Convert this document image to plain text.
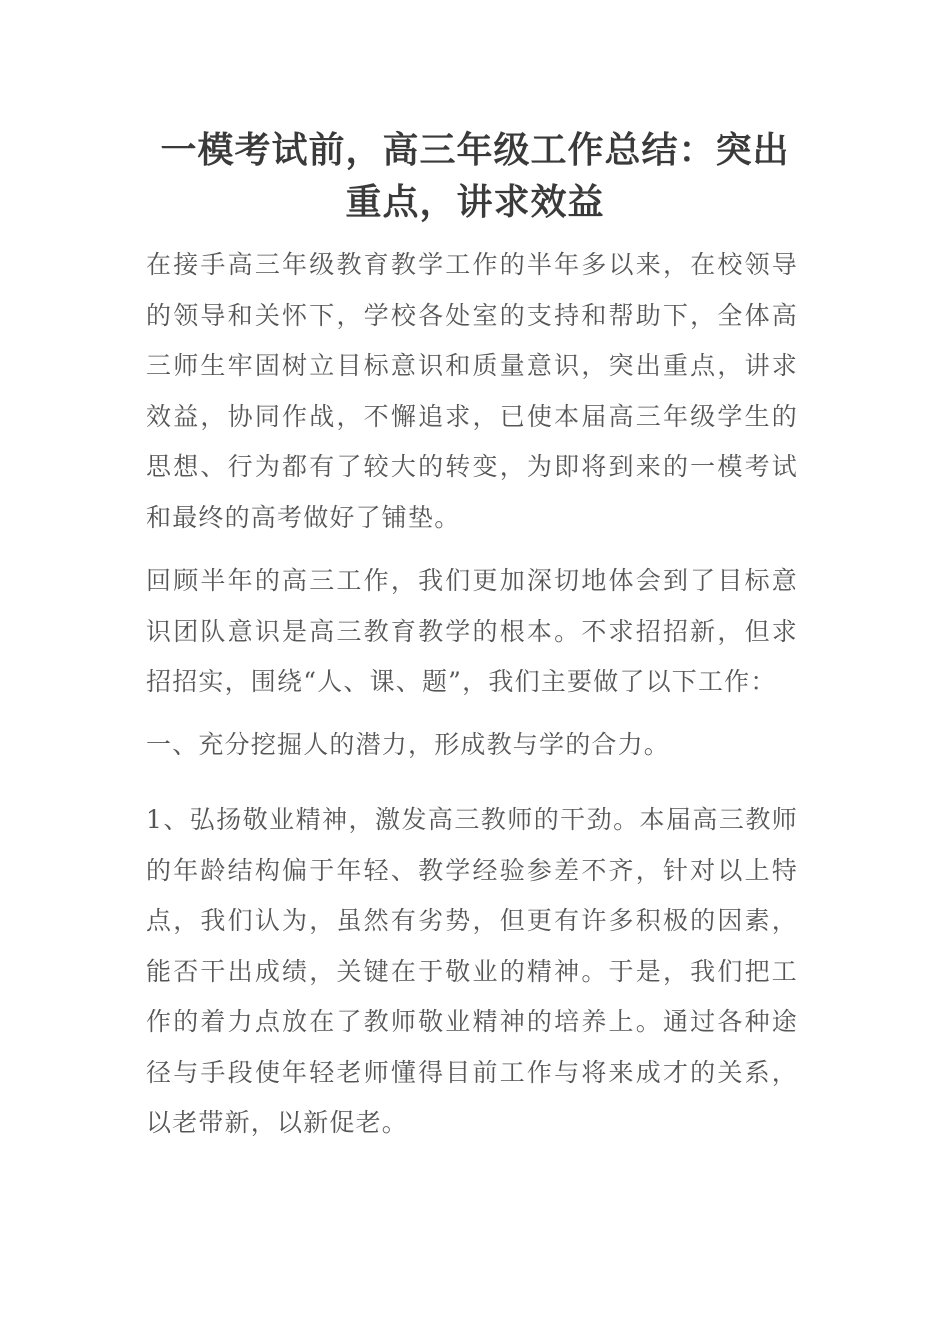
一模考试前，高三年级工作总结：突出重点，讲求效益

在接手高三年级教育教学工作的半年多以来，在校领导的领导和关怀下，学校各处室的支持和帮助下，全体高三师生牢固树立目标意识和质量意识，突出重点，讲求效益，协同作战，不懈追求，已使本届高三年级学生的思想、行为都有了较大的转变，为即将到来的一模考试和最终的高考做好了铺垫。

回顾半年的高三工作，我们更加深切地体会到了目标意识团队意识是高三教育教学的根本。不求招招新，但求招招实，围绕“人、课、题”，我们主要做了以下工作：

一、充分挖掘人的潜力，形成教与学的合力。

1、弘扬敬业精神，激发高三教师的干劲。本届高三教师的年龄结构偏于年轻、教学经验参差不齐，针对以上特点，我们认为，虽然有劣势，但更有许多积极的因素，能否干出成绩，关键在于敬业的精神。于是，我们把工作的着力点放在了教师敬业精神的培养上。通过各种途径与手段使年轻老师懂得目前工作与将来成才的关系，以老带新，以新促老。
